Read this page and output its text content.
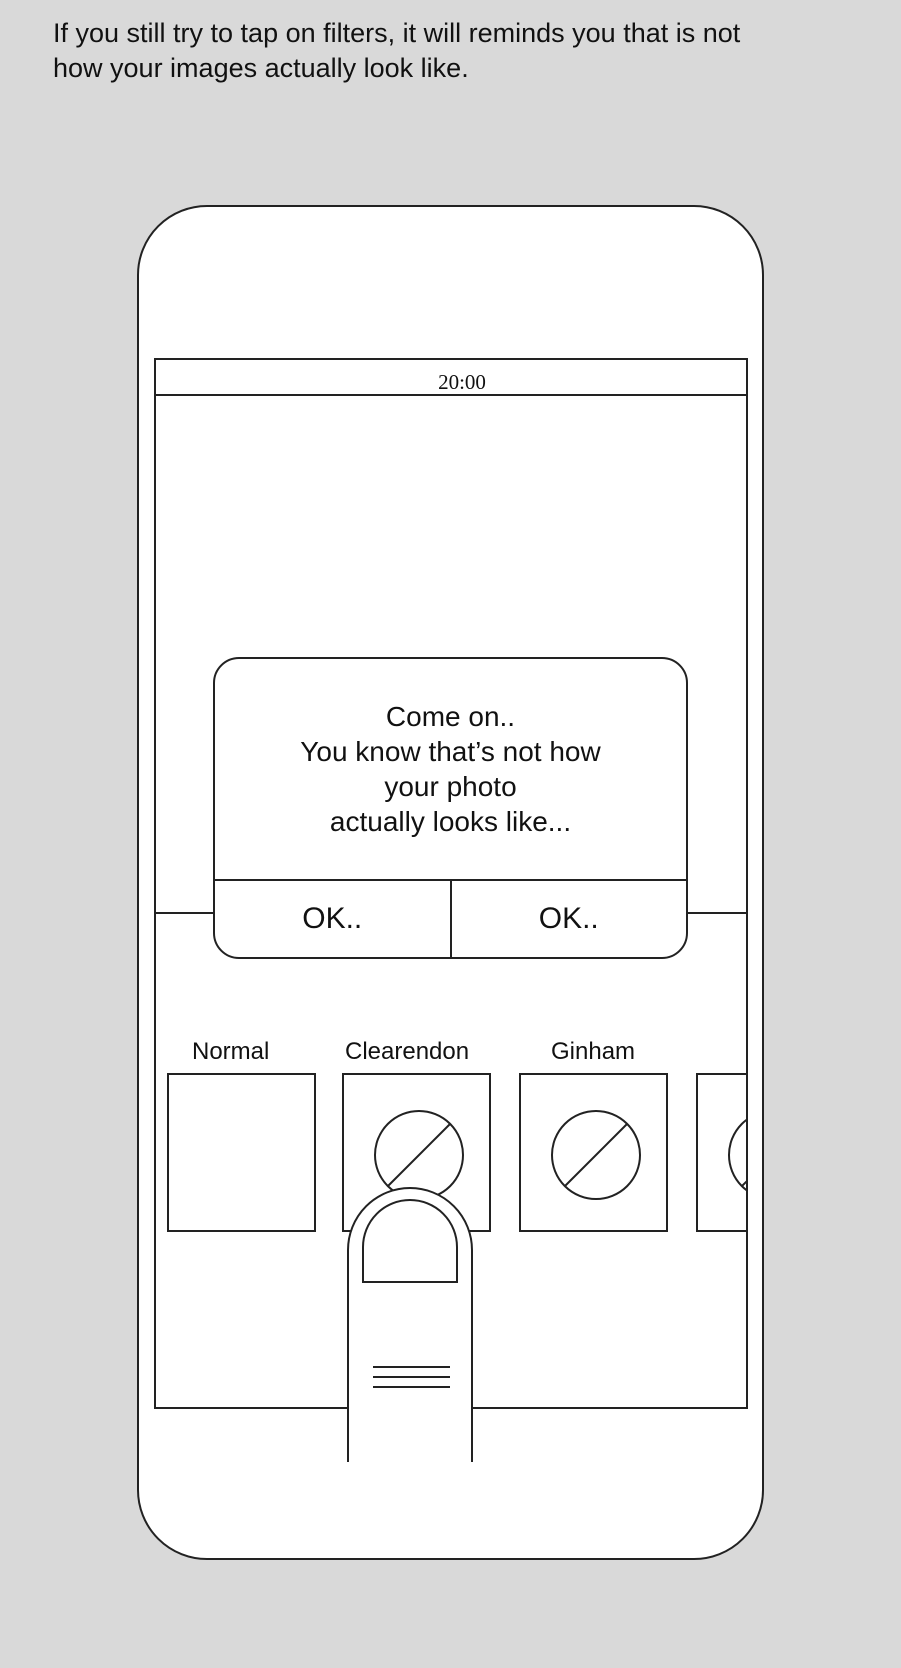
If you still try to tap on filters, it will reminds you that is not
how your images actually look like.

20:00
Normal	Clearendon	Ginham
Come on..
You know that’s not how
your photo
actually looks like...
OK..	OK..
